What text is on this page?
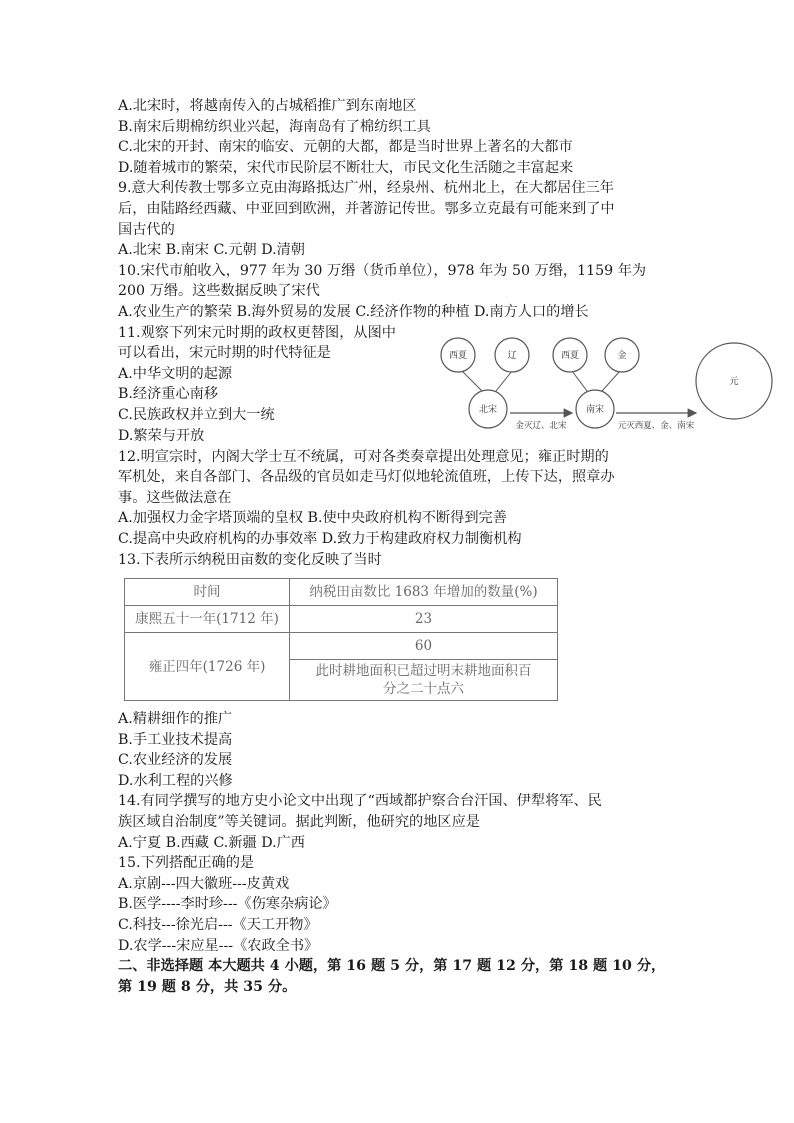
A.北宋时，将越南传入的占城稻推广到东南地区
B.南宋后期棉纺织业兴起，海南岛有了棉纺织工具
C.北宋的开封、南宋的临安、元朝的大都，都是当时世界上著名的大都市
D.随着城市的繁荣，宋代市民阶层不断壮大，市民文化生活随之丰富起来
9.意大利传教士鄂多立克由海路抵达广州，经泉州、杭州北上，在大都居住三年
后，由陆路经西藏、中亚回到欧洲，并著游记传世。鄂多立克最有可能来到了中
国古代的
A.北宋 B.南宋 C.元朝 D.清朝
10.宋代市舶收入，977 年为 30 万缗（货币单位），978 年为 50 万缗，1159 年为
200 万缗。这些数据反映了宋代
A.农业生产的繁荣 B.海外贸易的发展 C.经济作物的种植 D.南方人口的增长
11.观察下列宋元时期的政权更替图，从图中
可以看出，宋元时期的时代特征是
A.中华文明的起源
B.经济重心南移
C.民族政权并立到大一统
D.繁荣与开放
西夏	辽
北宋
西夏	金
南宋
元
金灭辽、北宋	元灭西夏、金、南宋
12.明宣宗时，内阁大学士互不统属，可对各类奏章提出处理意见；雍正时期的
军机处，来自各部门、各品级的官员如走马灯似地轮流值班，上传下达，照章办
事。这些做法意在
A.加强权力金字塔顶端的皇权 B.使中央政府机构不断得到完善
C.提高中央政府机构的办事效率 D.致力于构建政府权力制衡机构
13.下表所示纳税田亩数的变化反映了当时
时间	纳税田亩数比 1683 年增加的数量(%)
康熙五十一年(1712 年)	23
雍正四年(1726 年)	60

	此时耕地面积已超过明末耕地面积百
分之二十点六
A.精耕细作的推广
B.手工业技术提高
C.农业经济的发展
D.水利工程的兴修
14.有同学撰写的地方史小论文中出现了“西域都护察合台汗国、伊犁将军、民
族区域自治制度”等关键词。据此判断，他研究的地区应是
A.宁夏 B.西藏 C.新疆 D.广西
15.下列搭配正确的是
A.京剧---四大徽班---皮黄戏
B.医学----李时珍---《伤寒杂病论》
C.科技---徐光启---《天工开物》
D.农学---宋应星---《农政全书》
二、非选择题 本大题共 4 小题，第 16 题 5 分，第 17 题 12 分，第 18 题 10 分，
第 19 题 8 分，共 35 分。
